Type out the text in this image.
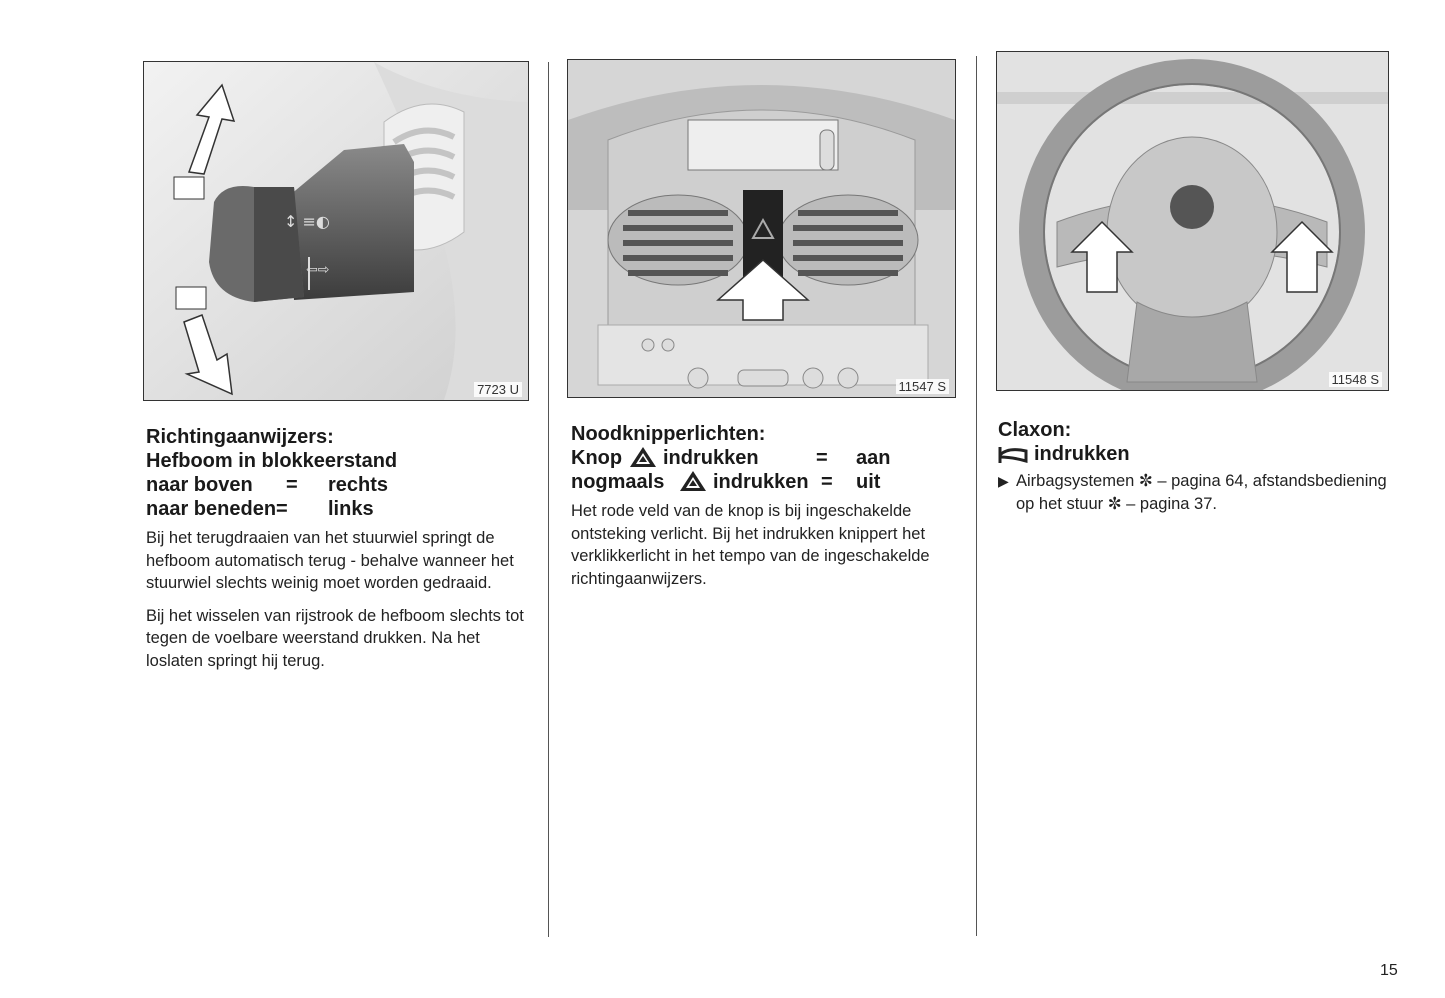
↕ ≡◐
⇦⇨
7723 U	11547 S	11548 S
Richtingaanwijzers:
Hefboom in blokkeerstand
naar boven = rechts
naar beneden = links

Bij het terugdraaien van het stuurwiel springt de hefboom automatisch terug - behalve wanneer het stuurwiel slechts weinig moet worden gedraaid.

Bij het wisselen van rijstrook de hefboom slechts tot tegen de voelbare weerstand drukken. Na het loslaten springt hij terug.

Noodknipperlichten:
Knop indrukken	= aan
nogmaals indrukken = uit

Het rode veld van de knop is bij ingeschakelde ontsteking verlicht. Bij het indrukken knippert het verklikkerlicht in het tempo van de ingeschakelde richtingaanwijzers.

Claxon:
indrukken
▶ Airbagsystemen ✼ – pagina 64, afstandsbediening op het stuur ✼ – pagina 37.
15
